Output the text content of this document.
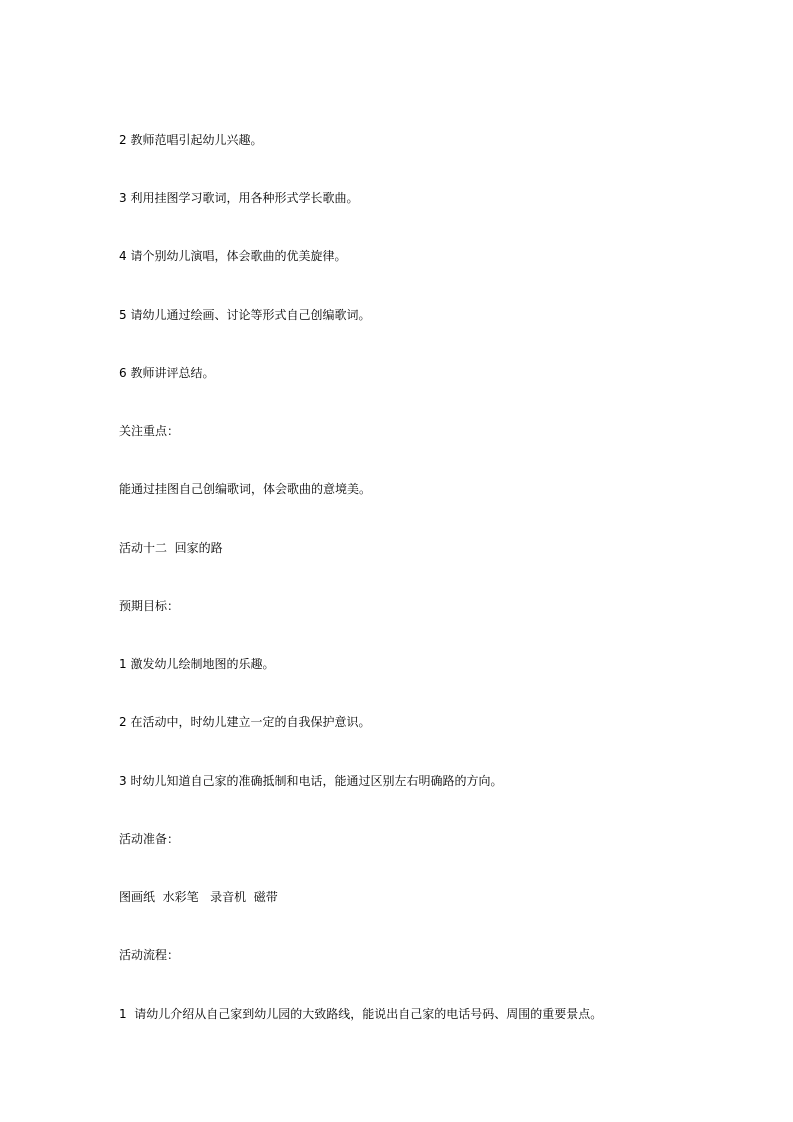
2 教师范唱引起幼儿兴趣。
3 利用挂图学习歌词，用各种形式学长歌曲。
4 请个别幼儿演唱，体会歌曲的优美旋律。
5 请幼儿通过绘画、讨论等形式自己创编歌词。
6 教师讲评总结。
关注重点：
能通过挂图自己创编歌词，体会歌曲的意境美。
活动十二  回家的路
预期目标：
1 激发幼儿绘制地图的乐趣。
2 在活动中，时幼儿建立一定的自我保护意识。
3 时幼儿知道自己家的准确抵制和电话，能通过区别左右明确路的方向。
活动准备：
图画纸  水彩笔   录音机  磁带
活动流程：
1  请幼儿介绍从自己家到幼儿园的大致路线，能说出自己家的电话号码、周围的重要景点。
